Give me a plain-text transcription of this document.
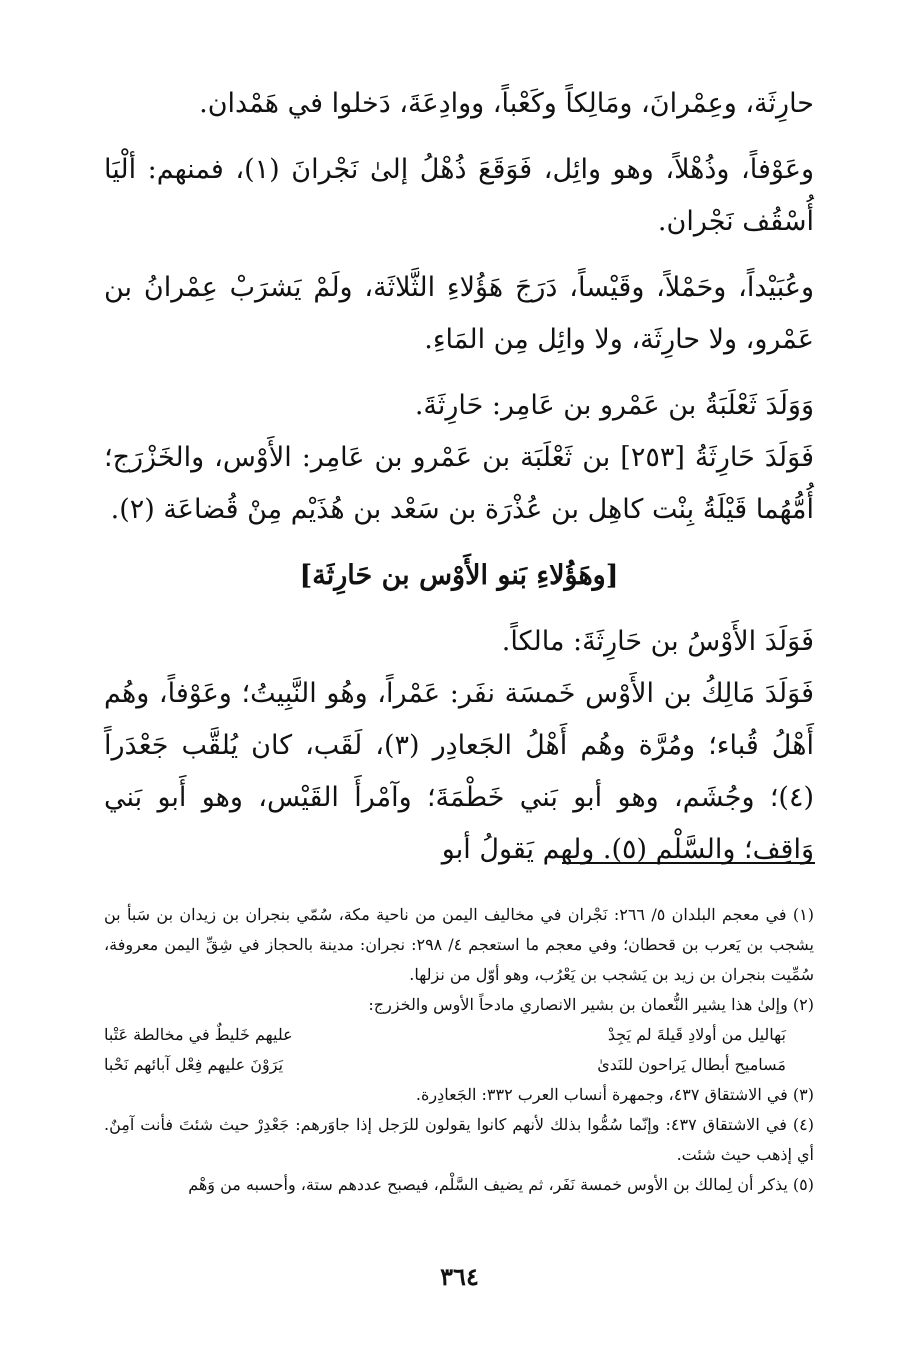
حارِثَة، وعِمْرانَ، ومَالِكاً وكَعْباً، ووادِعَةَ، دَخلوا في هَمْدان.

وعَوْفاً، وذُهْلاً، وهو وائِل، فَوَقَعَ ذُهْلُ إلىٰ نَجْرانَ (١)، فمنهم: ألْيَا أُسْقُف نَجْران.

وعُبَيْداً، وحَمْلاً، وقَيْساً، دَرَجَ هَؤُلاءِ الثَّلاثَة، ولَمْ يَشرَبْ عِمْرانُ بن عَمْرو، ولا حارِثَة، ولا وائِل مِن المَاءِ.

وَوَلَدَ ثَعْلَبَةُ بن عَمْرو بن عَامِر: حَارِثَةَ.

فَوَلَدَ حَارِثَةُ [٢٥٣] بن ثَعْلَبَة بن عَمْرو بن عَامِر: الأَوْس، والخَزْرَج؛ أُمُّهُما قَيْلَةُ بِنْت كاهِل بن عُذْرَة بن سَعْد بن هُذَيْم مِنْ قُضاعَة (٢).

[وهَؤُلاءِ بَنو الأَوْس بن حَارِثَة]

فَوَلَدَ الأَوْسُ بن حَارِثَةَ: مالكاً.

فَوَلَدَ مَالِكُ بن الأَوْس خَمسَة نفَر: عَمْراً، وهُو النَّبِيتُ؛ وعَوْفاً، وهُم أَهْلُ قُباء؛ ومُرَّة وهُم أَهْلُ الجَعادِر (٣)، لَقَب، كان يُلقَّب جَعْدَراً (٤)؛ وجُشَم، وهو أبو بَني خَطْمَةَ؛ وآمْرأَ القَيْس، وهو أَبو بَني وَاقِف؛ والسَّلْم (٥). ولهم يَقولُ أبو

(١) في معجم البلدان ٥/ ٢٦٦: نَجْران في مخاليف اليمن من ناحية مكة، سُمّي بنجران بن زيدان بن سَبأ بن يشجب بن يَعرب بن قحطان؛ وفي معجم ما استعجم ٤/ ٢٩٨: نجران: مدينة بالحجاز في شِقِّ اليمن معروفة، سُمِّيت بنجران بن زيد بن يَشجب بن يَعْرُب، وهو أوّل من نزلها.

(٢) وإلىٰ هذا يشير النُّعمان بن بشير الانصاري مادحاً الأوس والخزرج:

بَهاليل من أولادِ قَيلةَ لم يَجِدْ
عليهم خَليطٌ في مخالطة عَتْبا
مَساميح أبطال يَراحون للنَدىٰ
يَرَوْنَ عليهم فِعْل آبائهم نَحْبا

(٣) في الاشتقاق ٤٣٧، وجمهرة أنساب العرب ٣٣٢: الجَعادِرة.

(٤) في الاشتقاق ٤٣٧: وإنّما سُمُّوا بذلك لأنهم كانوا يقولون للرَجل إذا جاوَرهم: جَعْدِرْ حيث شئتَ فأنت آمِنٌ. أي إذهب حيث شئت.

(٥) يذكر أن لِمالك بن الأوس خمسة نَفَر، ثم يضيف السَّلْم، فيصبح عددهم ستة، وأحسبه من وَهْم

٣٦٤
